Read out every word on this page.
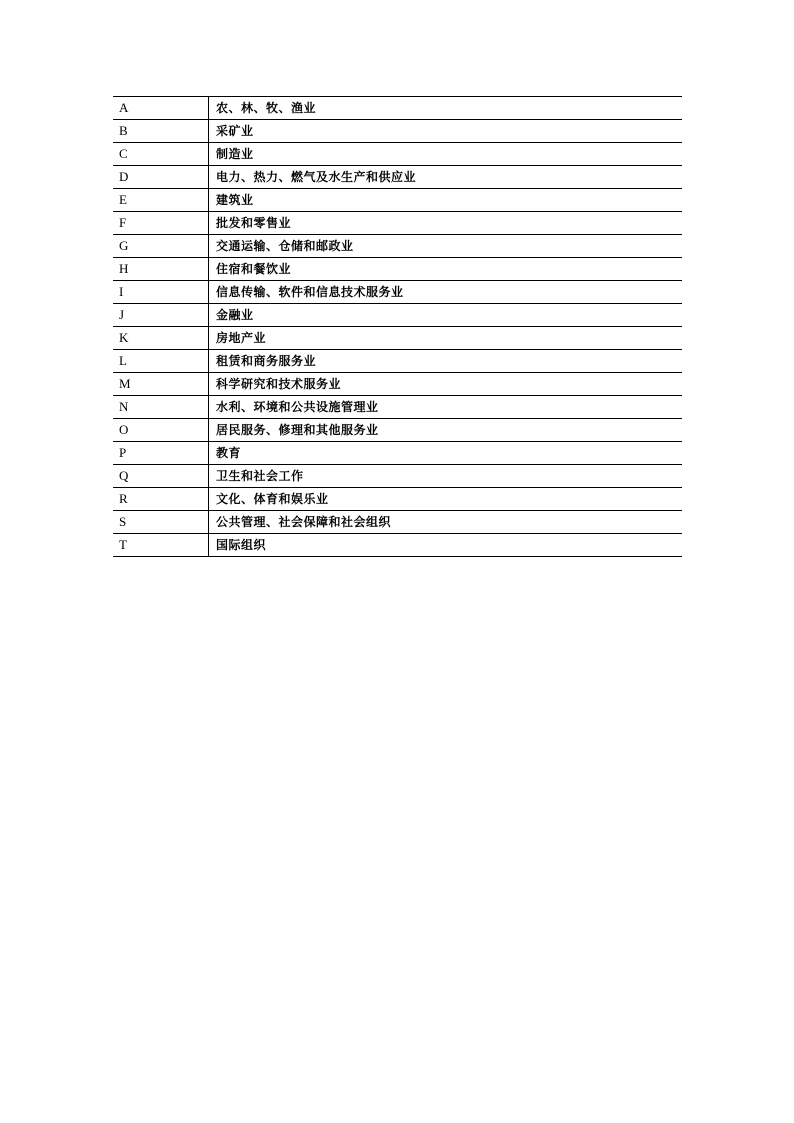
A	农、林、牧、渔业
B	采矿业
C	制造业
D	电力、热力、燃气及水生产和供应业
E	建筑业
F	批发和零售业
G	交通运输、仓储和邮政业
H	住宿和餐饮业
I	信息传输、软件和信息技术服务业
J	金融业
K	房地产业
L	租赁和商务服务业
M	科学研究和技术服务业
N	水利、环境和公共设施管理业
O	居民服务、修理和其他服务业
P	教育
Q	卫生和社会工作
R	文化、体育和娱乐业
S	公共管理、社会保障和社会组织
T	国际组织
